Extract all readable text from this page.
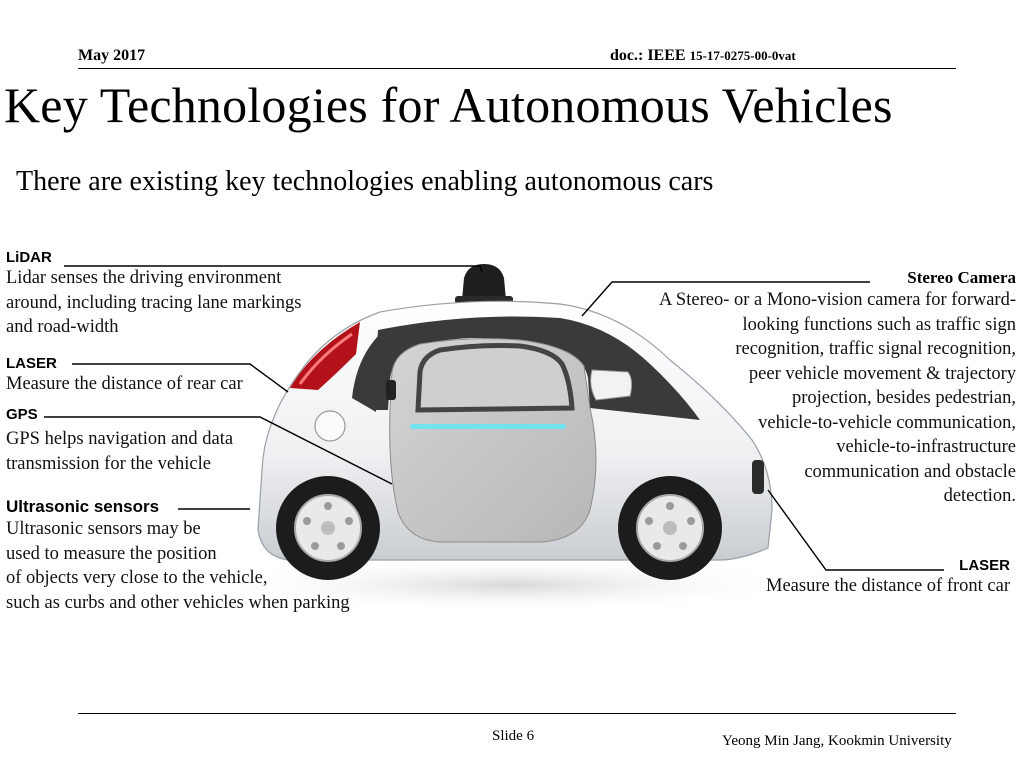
May 2017	doc.: IEEE 15-17-0275-00-0vat
Key Technologies for Autonomous Vehicles
There are existing key technologies enabling autonomous cars
LiDAR
Lidar senses the driving environment
around, including tracing lane markings
and road-width
LASER
Measure the distance of rear car
GPS
GPS helps navigation and data
transmission for the vehicle
Ultrasonic sensors
Ultrasonic sensors may be
used to measure the position
of objects very close to the vehicle,
such as curbs and other vehicles when parking
Stereo Camera
A Stereo- or a Mono-vision camera for forward-
looking functions such as traffic sign
recognition, traffic signal recognition,
peer vehicle movement & trajectory
projection, besides pedestrian,
vehicle-to-vehicle communication,
vehicle-to-infrastructure
communication and obstacle
detection.
LASER
Measure the distance of front car
Slide 6	Yeong Min Jang, Kookmin University
